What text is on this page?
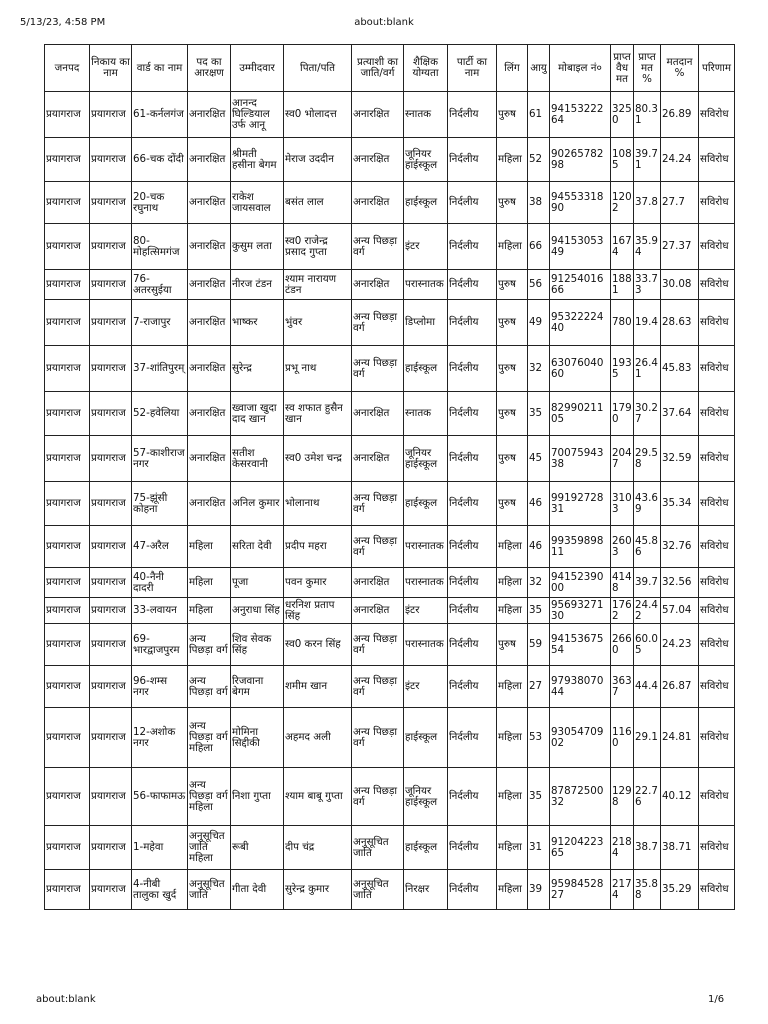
5/13/23, 4:58 PM	about:blank
जनपद	निकाय का नाम	वार्ड का नाम	पद का आरक्षण	उम्मीदवार	पिता/पति	प्रत्याशी का जाति/वर्ग	शैक्षिक योग्यता	पार्टी का नाम	लिंग	आयु	मोबाइल नं०	प्राप्त वैध मत	प्राप्त मत %	मतदान %	परिणाम
प्रयागराज	प्रयागराज	61-कर्नलगंज	अनारक्षित	आनन्द घिल्डियाल उर्फ आनू	स्व0 भोलादत्त	अनारक्षित	स्नातक	निर्दलीय	पुरुष	61	9415322264	3250	80.31	26.89	सविरोध
प्रयागराज	प्रयागराज	66-चक दोंदी	अनारक्षित	श्रीमती हसीना बेगम	मेराज उददीन	अनारक्षित	जूनियर हाईस्कूल	निर्दलीय	महिला	52	9026578298	1085	39.71	24.24	सविरोध
प्रयागराज	प्रयागराज	20-चक रघुनाथ	अनारक्षित	राकेश जायसवाल	बसंत लाल	अनारक्षित	हाईस्कूल	निर्दलीय	पुरुष	38	9455331890	1202	37.8	27.7	सविरोध
प्रयागराज	प्रयागराज	80-मोहत्सिमगंज	अनारक्षित	कुसुम लता	स्व0 राजेन्द्र प्रसाद गुप्ता	अन्य पिछड़ा वर्ग	इंटर	निर्दलीय	महिला	66	9415305349	1674	35.94	27.37	सविरोध
प्रयागराज	प्रयागराज	76-अतरसुईया	अनारक्षित	नीरज टंडन	श्याम नारायण टंडन	अनारक्षित	परास्नातक	निर्दलीय	पुरुष	56	9125401666	1881	33.73	30.08	सविरोध
प्रयागराज	प्रयागराज	7-राजापुर	अनारक्षित	भाष्कर	भुंवर	अन्य पिछड़ा वर्ग	डिप्लोमा	निर्दलीय	पुरुष	49	9532222440	780	19.4	28.63	सविरोध
प्रयागराज	प्रयागराज	37-शांतिपुरम्	अनारक्षित	सुरेन्द्र	प्रभू नाथ	अन्य पिछड़ा वर्ग	हाईस्कूल	निर्दलीय	पुरुष	32	6307604060	1935	26.41	45.83	सविरोध
प्रयागराज	प्रयागराज	52-हवेलिया	अनारक्षित	ख्वाजा खुदा दाद खान	स्व शफात हुसैन खान	अनारक्षित	स्नातक	निर्दलीय	पुरुष	35	8299021105	1790	30.27	37.64	सविरोध
प्रयागराज	प्रयागराज	57-काशीराज नगर	अनारक्षित	सतीश केसरवानी	स्व0 उमेश चन्द्र	अनारक्षित	जूनियर हाईस्कूल	निर्दलीय	पुरुष	45	7007594338	2047	29.58	32.59	सविरोध
प्रयागराज	प्रयागराज	75-झूंसी कोहना	अनारक्षित	अनिल कुमार	भोलानाथ	अन्य पिछड़ा वर्ग	हाईस्कूल	निर्दलीय	पुरुष	46	9919272831	3103	43.69	35.34	सविरोध
प्रयागराज	प्रयागराज	47-अरैल	महिला	सरिता देवी	प्रदीप महरा	अन्य पिछड़ा वर्ग	परास्नातक	निर्दलीय	महिला	46	9935989811	2603	45.86	32.76	सविरोध
प्रयागराज	प्रयागराज	40-नैनी दादरी	महिला	पूजा	पवन कुमार	अनारक्षित	परास्नातक	निर्दलीय	महिला	32	9415239000	4148	39.7	32.56	सविरोध
प्रयागराज	प्रयागराज	33-लवायन	महिला	अनुराधा सिंह	धरनिश प्रताप सिंह	अनारक्षित	इंटर	निर्दलीय	महिला	35	9569327130	1762	24.42	57.04	सविरोध
प्रयागराज	प्रयागराज	69-भारद्वाजपुरम	अन्य पिछड़ा वर्ग	शिव सेवक सिंह	स्व0 करन सिंह	अन्य पिछड़ा वर्ग	परास्नातक	निर्दलीय	पुरुष	59	9415367554	2660	60.05	24.23	सविरोध
प्रयागराज	प्रयागराज	96-शम्स नगर	अन्य पिछड़ा वर्ग	रिजवाना बेगम	शमीम खान	अन्य पिछड़ा वर्ग	इंटर	निर्दलीय	महिला	27	9793807044	3637	44.4	26.87	सविरोध
प्रयागराज	प्रयागराज	12-अशोक नगर	अन्य पिछड़ा वर्ग महिला	मोमिना सिद्दीकी	अहमद अली	अन्य पिछड़ा वर्ग	हाईस्कूल	निर्दलीय	महिला	53	9305470902	1160	29.1	24.81	सविरोध
प्रयागराज	प्रयागराज	56-फाफामऊ	अन्य पिछड़ा वर्ग महिला	निशा गुप्ता	श्याम बाबू गुप्ता	अन्य पिछड़ा वर्ग	जूनियर हाईस्कूल	निर्दलीय	महिला	35	8787250032	1298	22.76	40.12	सविरोध
प्रयागराज	प्रयागराज	1-महेवा	अनुसूचित जाति महिला	रूबी	दीप चंद्र	अनुसूचित जाति	हाईस्कूल	निर्दलीय	महिला	31	9120422365	2184	38.7	38.71	सविरोध
प्रयागराज	प्रयागराज	4-नीबी तालुका खुर्द	अनुसूचित जाति	गीता देवी	सुरेन्द्र कुमार	अनुसूचित जाति	निरक्षर	निर्दलीय	महिला	39	9598452827	2174	35.88	35.29	सविरोध
about:blank	1/6
